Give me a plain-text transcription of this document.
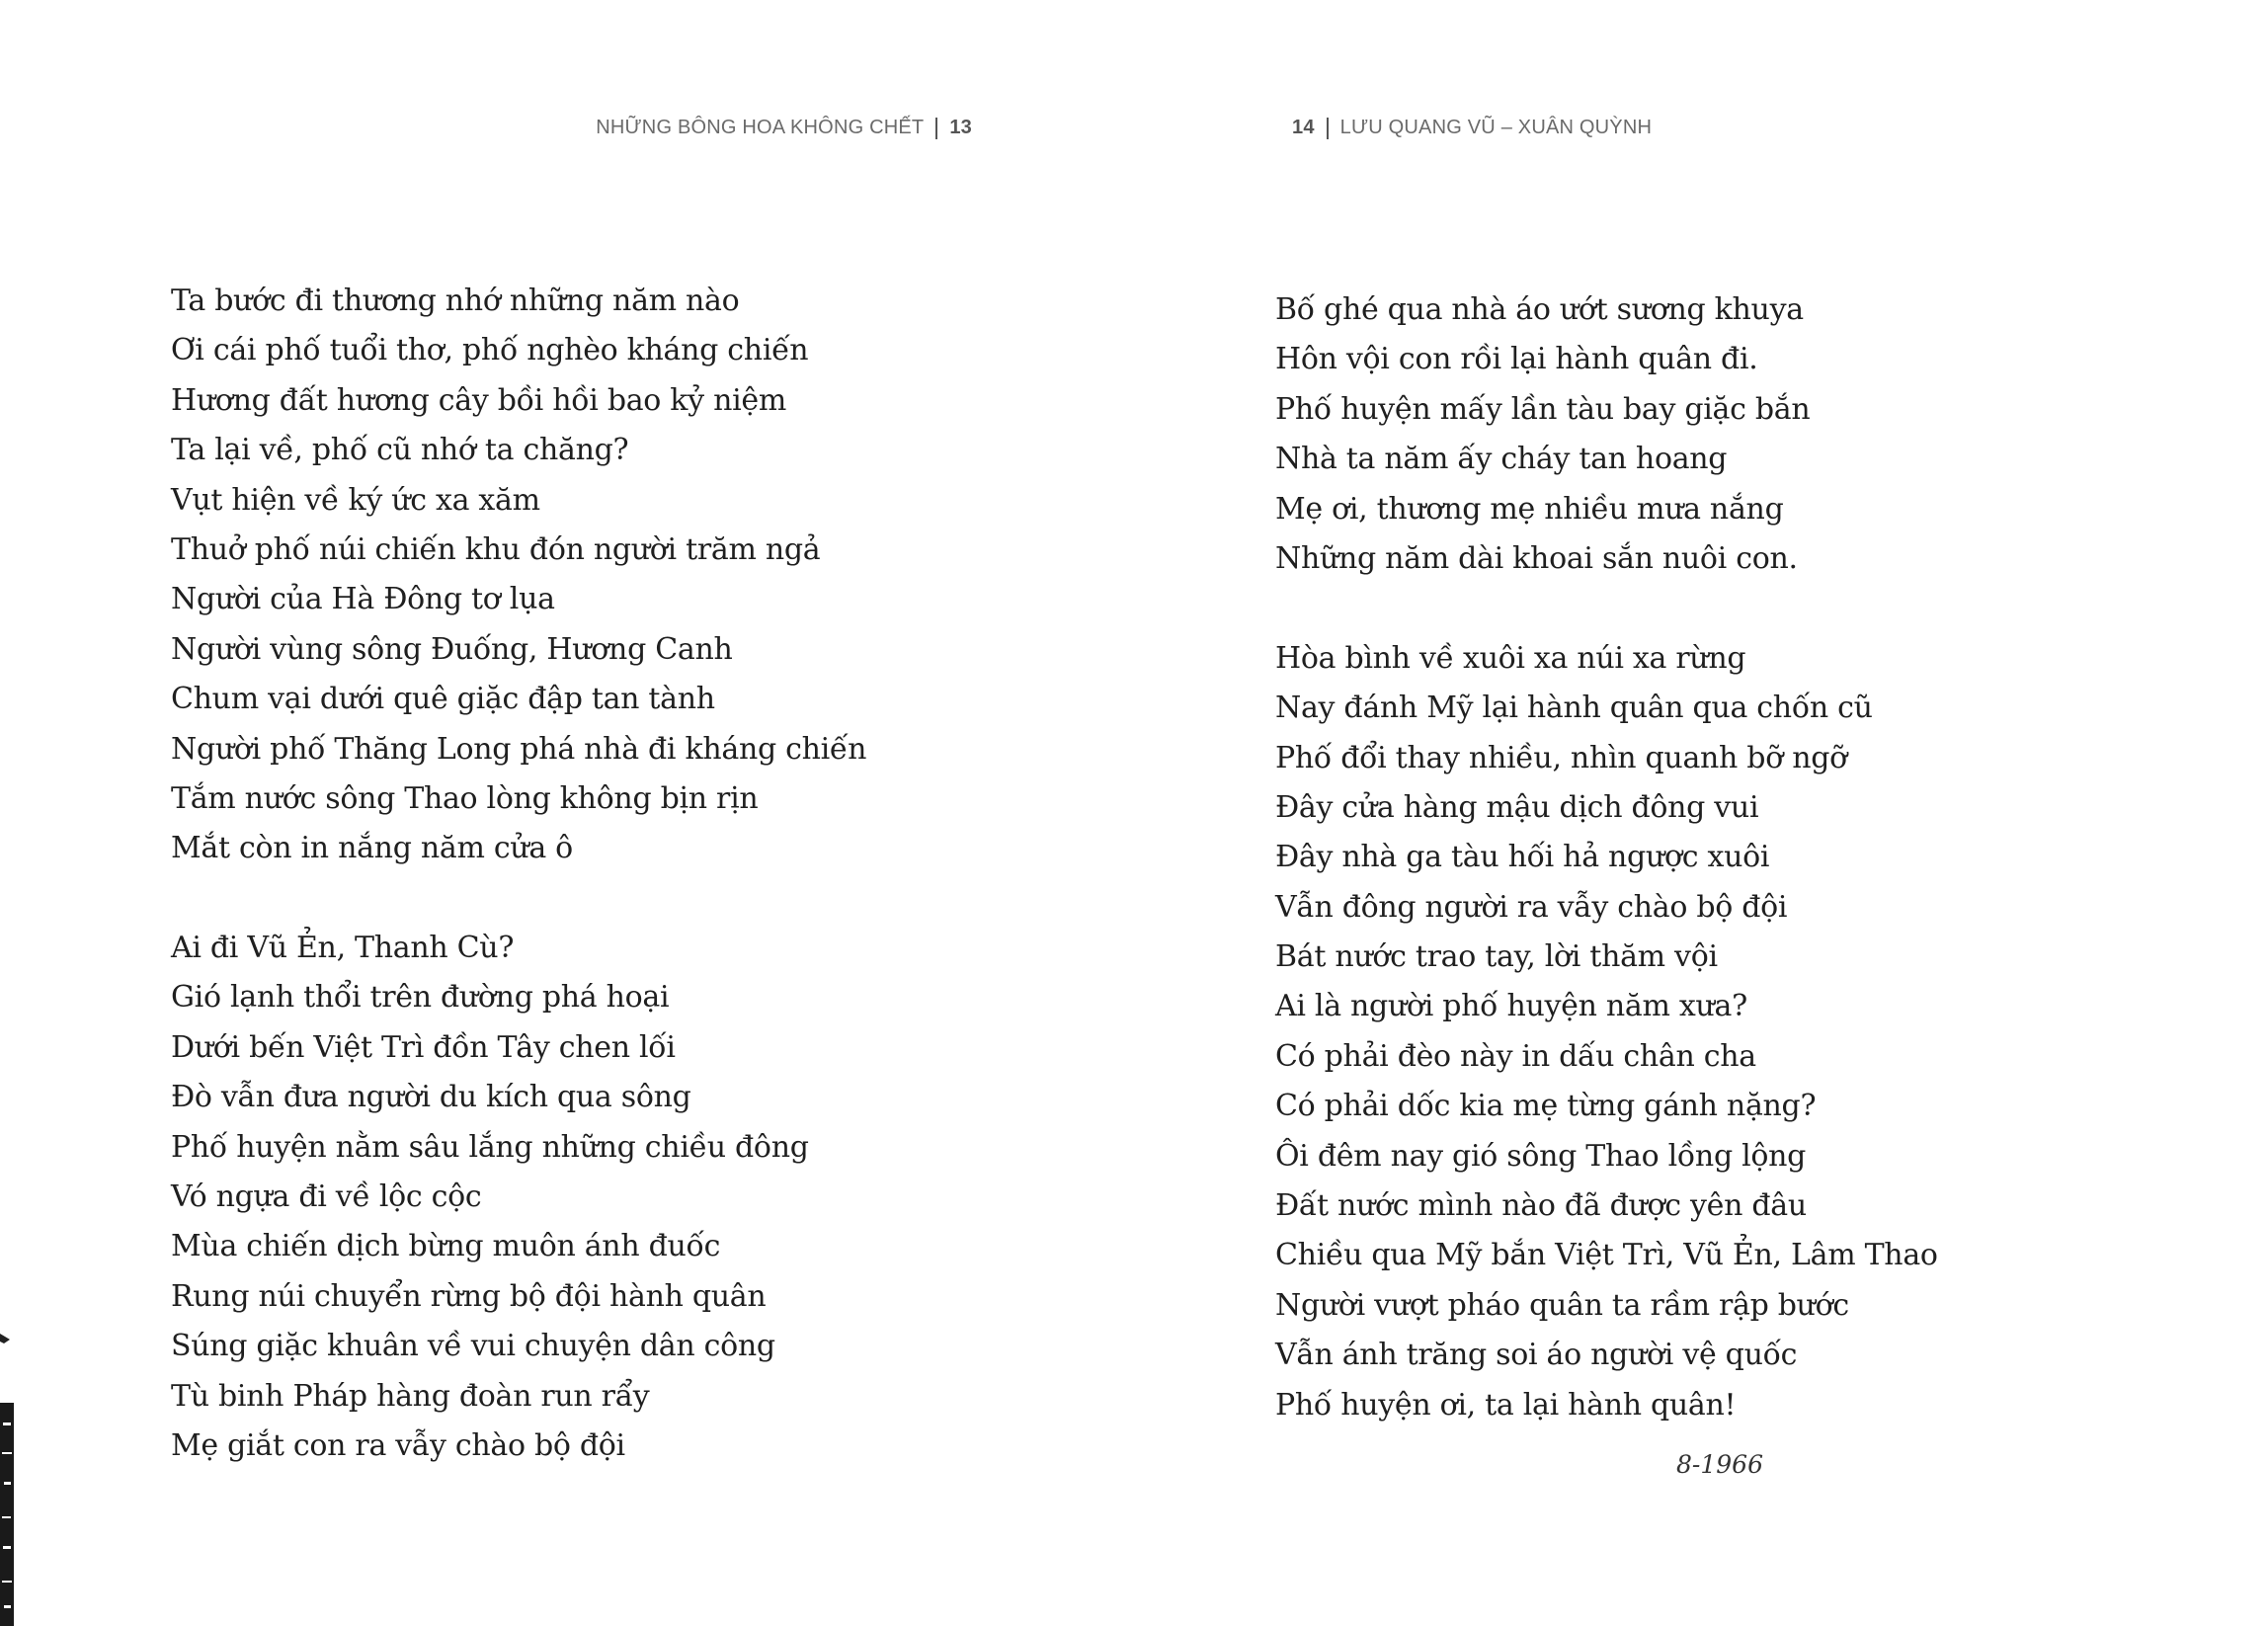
NHỮNG BÔNG HOA KHÔNG CHẾT 13
Ta bước đi thương nhớ những năm nào
Ơi cái phố tuổi thơ, phố nghèo kháng chiến
Hương đất hương cây bồi hồi bao kỷ niệm
Ta lại về, phố cũ nhớ ta chăng?
Vụt hiện về ký ức xa xăm
Thuở phố núi chiến khu đón người trăm ngả
Người của Hà Đông tơ lụa
Người vùng sông Đuống, Hương Canh
Chum vại dưới quê giặc đập tan tành
Người phố Thăng Long phá nhà đi kháng chiến
Tắm nước sông Thao lòng không bịn rịn
Mắt còn in nắng năm cửa ô
Ai đi Vũ Ẻn, Thanh Cù?
Gió lạnh thổi trên đường phá hoại
Dưới bến Việt Trì đồn Tây chen lối
Đò vẫn đưa người du kích qua sông
Phố huyện nằm sâu lắng những chiều đông
Vó ngựa đi về lộc cộc
Mùa chiến dịch bừng muôn ánh đuốc
Rung núi chuyển rừng bộ đội hành quân
Súng giặc khuân về vui chuyện dân công
Tù binh Pháp hàng đoàn run rẩy
Mẹ giắt con ra vẫy chào bộ đội
14 LƯU QUANG VŨ – XUÂN QUỲNH
Bố ghé qua nhà áo ướt sương khuya
Hôn vội con rồi lại hành quân đi.
Phố huyện mấy lần tàu bay giặc bắn
Nhà ta năm ấy cháy tan hoang
Mẹ ơi, thương mẹ nhiều mưa nắng
Những năm dài khoai sắn nuôi con.
Hòa bình về xuôi xa núi xa rừng
Nay đánh Mỹ lại hành quân qua chốn cũ
Phố đổi thay nhiều, nhìn quanh bỡ ngỡ
Đây cửa hàng mậu dịch đông vui
Đây nhà ga tàu hối hả ngược xuôi
Vẫn đông người ra vẫy chào bộ đội
Bát nước trao tay, lời thăm vội
Ai là người phố huyện năm xưa?
Có phải đèo này in dấu chân cha
Có phải dốc kia mẹ từng gánh nặng?
Ôi đêm nay gió sông Thao lồng lộng
Đất nước mình nào đã được yên đâu
Chiều qua Mỹ bắn Việt Trì, Vũ Ẻn, Lâm Thao
Người vượt pháo quân ta rầm rập bước
Vẫn ánh trăng soi áo người vệ quốc
Phố huyện ơi, ta lại hành quân!
8-1966
